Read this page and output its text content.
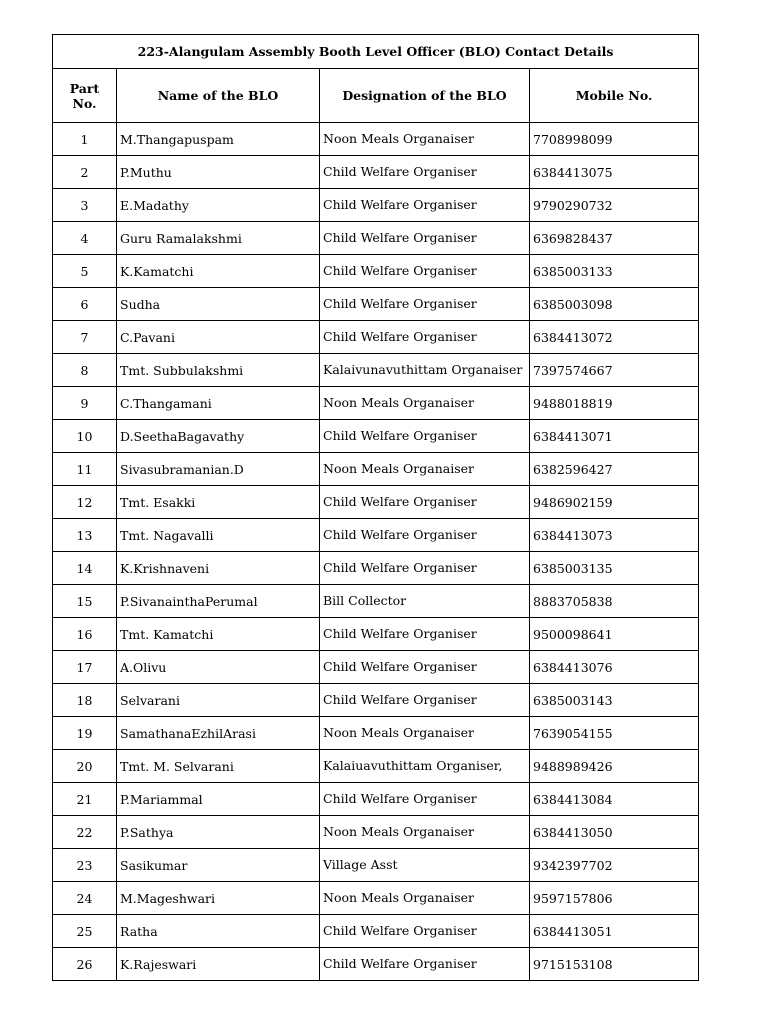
223-Alangulam Assembly Booth Level Officer (BLO) Contact Details			
Part No.	Name of the BLO	Designation of the BLO	Mobile No.
1	M.Thangapuspam	Noon Meals Organaiser	7708998099
2	P.Muthu	Child Welfare Organiser	6384413075
3	E.Madathy	Child Welfare Organiser	9790290732
4	Guru Ramalakshmi	Child Welfare Organiser	6369828437
5	K.Kamatchi	Child Welfare Organiser	6385003133
6	Sudha	Child Welfare Organiser	6385003098
7	C.Pavani	Child Welfare Organiser	6384413072
8	Tmt. Subbulakshmi	Kalaivunavuthittam Organaiser	7397574667
9	C.Thangamani	Noon Meals Organaiser	9488018819
10	D.SeethaBagavathy	Child Welfare Organiser	6384413071
11	Sivasubramanian.D	Noon Meals Organaiser	6382596427
12	Tmt. Esakki	Child Welfare Organiser	9486902159
13	Tmt. Nagavalli	Child Welfare Organiser	6384413073
14	K.Krishnaveni	Child Welfare Organiser	6385003135
15	P.SivanainthaPerumal	Bill Collector	8883705838
16	Tmt. Kamatchi	Child Welfare Organiser	9500098641
17	A.Olivu	Child Welfare Organiser	6384413076
18	Selvarani	Child Welfare Organiser	6385003143
19	SamathanaEzhilArasi	Noon Meals Organaiser	7639054155
20	Tmt. M. Selvarani	Kalaiuavuthittam Organiser,	9488989426
21	P.Mariammal	Child Welfare Organiser	6384413084
22	P.Sathya	Noon Meals Organaiser	6384413050
23	Sasikumar	Village Asst	9342397702
24	M.Mageshwari	Noon Meals Organaiser	9597157806
25	Ratha	Child Welfare Organiser	6384413051
26	K.Rajeswari	Child Welfare Organiser	9715153108
